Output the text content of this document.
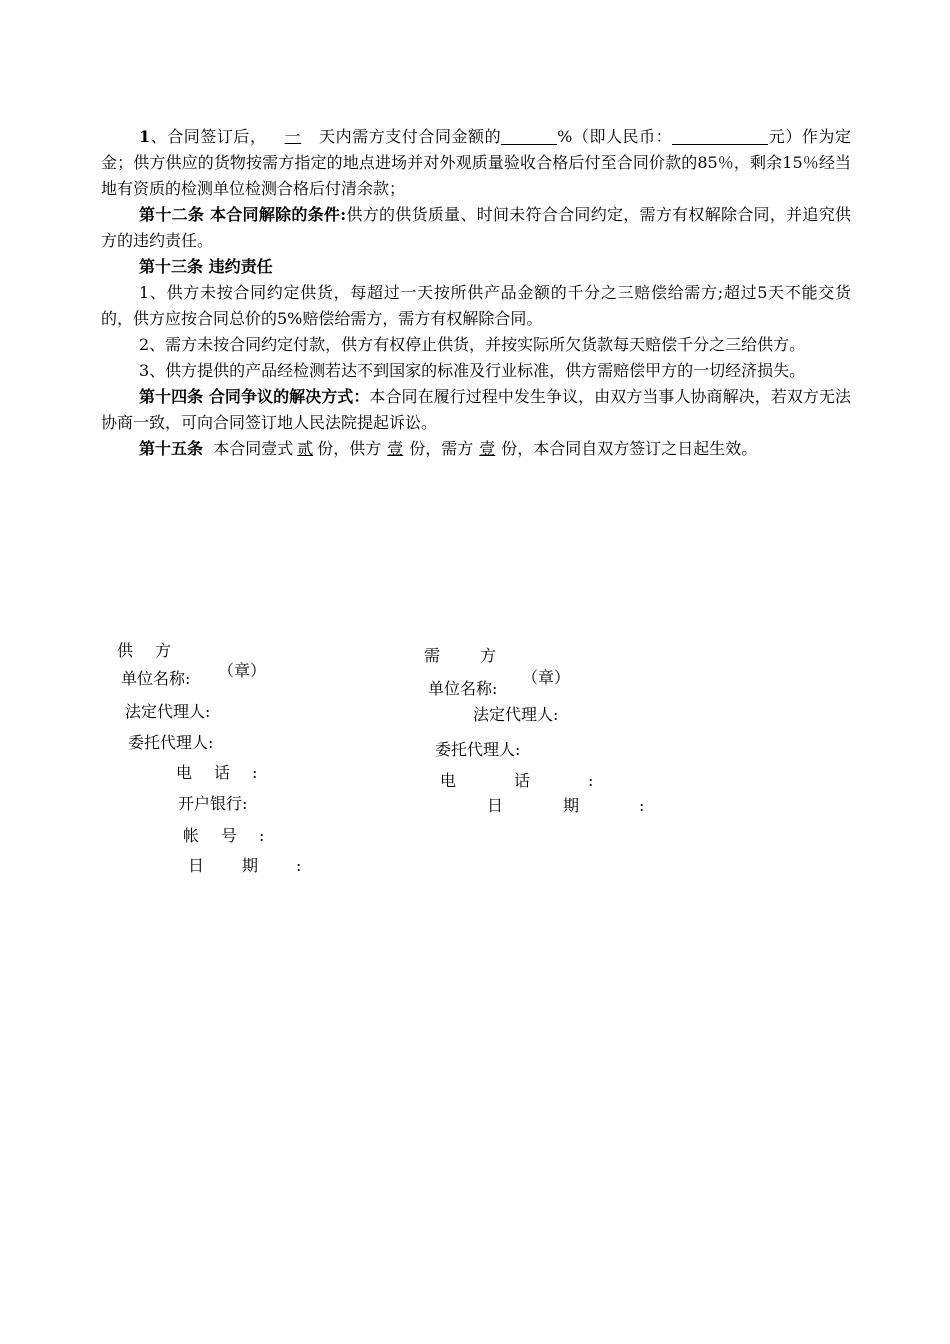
1、合同签订后， 一 天内需方支付合同金额的	%（即人民币：	元）作为定金；供方供应的货物按需方指定的地点进场并对外观质量验收合格后付至合同价款的85％，剩余15％经当地有资质的检测单位检测合格后付清余款；

第十二条 本合同解除的条件:供方的供货质量、时间未符合合同约定，需方有权解除合同，并追究供方的违约责任。

第十三条 违约责任

1、供方未按合同约定供货，每超过一天按所供产品金额的千分之三赔偿给需方;超过5天不能交货的，供方应按合同总价的5%赔偿给需方，需方有权解除合同。

2、需方未按合同约定付款，供方有权停止供货，并按实际所欠货款每天赔偿千分之三给供方。

3、供方提供的产品经检测若达不到国家的标准及行业标准，供方需赔偿甲方的一切经济损失。

第十四条 合同争议的解决方式：本合同在履行过程中发生争议，由双方当事人协商解决，若双方无法协商一致，可向合同签订地人民法院提起诉讼。

第十五条 本合同壹式 贰 份，供方 壹 份，需方 壹 份，本合同自双方签订之日起生效。

供方
单位名称: （章）
法定代理人:
委托代理人:
电话:
开户银行:
帐号:
日期:
需方
单位名称:
（章）
法定代理人:
委托代理人:
电话:
日期:
